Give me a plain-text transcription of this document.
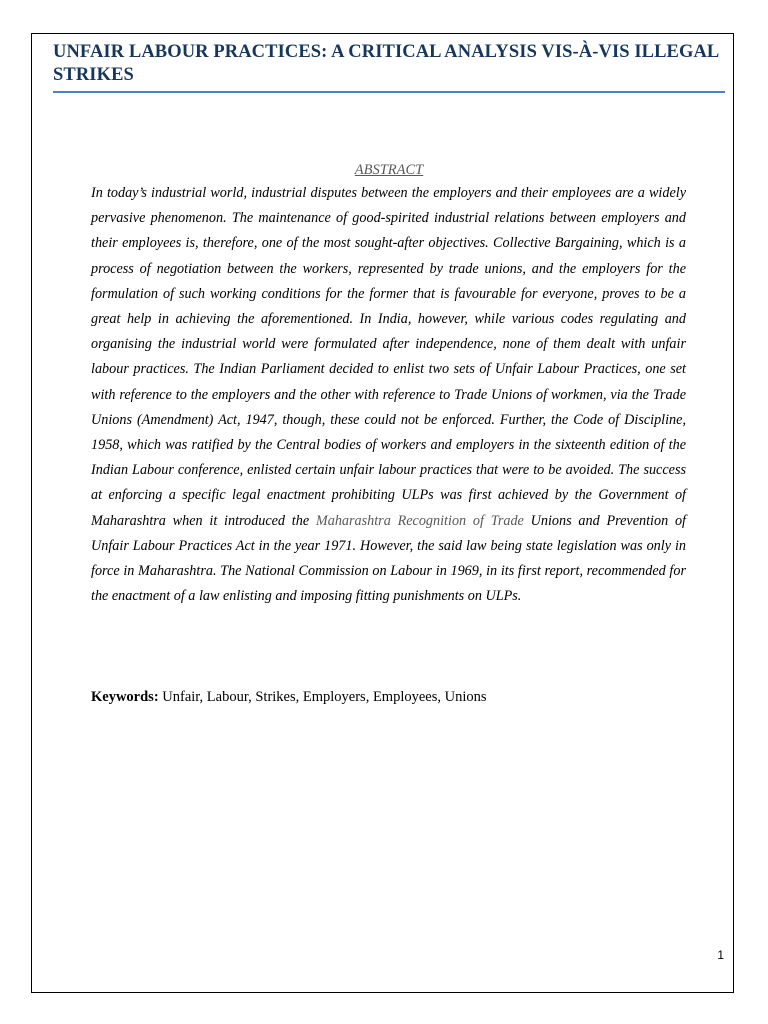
UNFAIR LABOUR PRACTICES: A CRITICAL ANALYSIS VIS-À-VIS ILLEGAL STRIKES
ABSTRACT

In today’s industrial world, industrial disputes between the employers and their employees are a widely pervasive phenomenon. The maintenance of good-spirited industrial relations between employers and their employees is, therefore, one of the most sought-after objectives. Collective Bargaining, which is a process of negotiation between the workers, represented by trade unions, and the employers for the formulation of such working conditions for the former that is favourable for everyone, proves to be a great help in achieving the aforementioned. In India, however, while various codes regulating and organising the industrial world were formulated after independence, none of them dealt with unfair labour practices. The Indian Parliament decided to enlist two sets of Unfair Labour Practices, one set with reference to the employers and the other with reference to Trade Unions of workmen, via the Trade Unions (Amendment) Act, 1947, though, these could not be enforced. Further, the Code of Discipline, 1958, which was ratified by the Central bodies of workers and employers in the sixteenth edition of the Indian Labour conference, enlisted certain unfair labour practices that were to be avoided. The success at enforcing a specific legal enactment prohibiting ULPs was first achieved by the Government of Maharashtra when it introduced the Maharashtra Recognition of Trade Unions and Prevention of Unfair Labour Practices Act in the year 1971. However, the said law being state legislation was only in force in Maharashtra. The National Commission on Labour in 1969, in its first report, recommended for the enactment of a law enlisting and imposing fitting punishments on ULPs.

Keywords: Unfair, Labour, Strikes, Employers, Employees, Unions

1
